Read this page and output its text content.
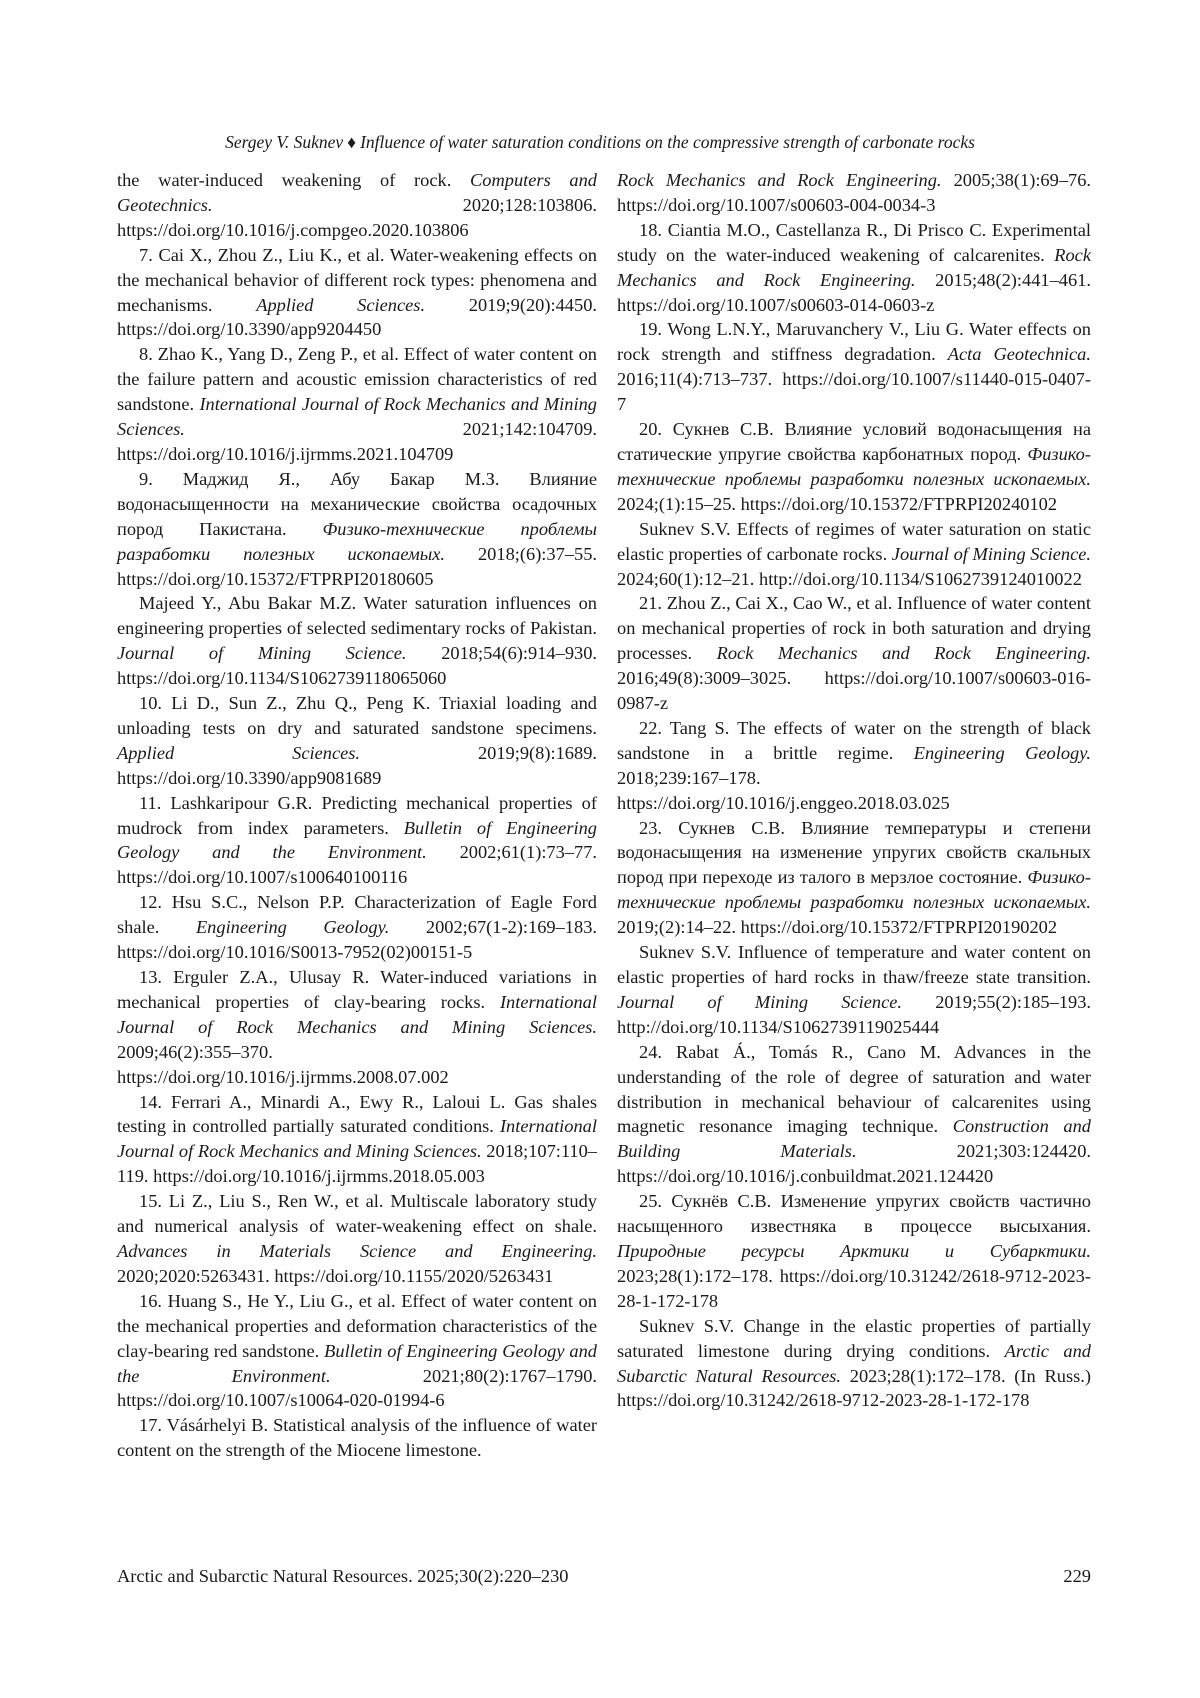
Sergey V. Suknev ♦ Influence of water saturation conditions on the compressive strength of carbonate rocks

the water-induced weakening of rock. Computers and Geotechnics. 2020;128:103806. https://doi.org/10.1016/j.compgeo.2020.103806

7. Cai X., Zhou Z., Liu K., et al. Water-weakening effects on the mechanical behavior of different rock types: phenomena and mechanisms. Applied Sciences. 2019;9(20):4450. https://doi.org/10.3390/app9204450

8. Zhao K., Yang D., Zeng P., et al. Effect of water content on the failure pattern and acoustic emission characteristics of red sandstone. International Journal of Rock Mechanics and Mining Sciences. 2021;142:104709. https://doi.org/10.1016/j.ijrmms.2021.104709

9. Маджид Я., Абу Бакар М.З. Влияние водонасыщенности на механические свойства осадочных пород Пакистана. Физико-технические проблемы разработки полезных ископаемых. 2018;(6):37–55. https://doi.org/10.15372/FTPRPI20180605

Majeed Y., Abu Bakar M.Z. Water saturation influences on engineering properties of selected sedimentary rocks of Pakistan. Journal of Mining Science. 2018;54(6):914–930. https://doi.org/10.1134/S1062739118065060

10. Li D., Sun Z., Zhu Q., Peng K. Triaxial loading and unloading tests on dry and saturated sandstone specimens. Applied Sciences. 2019;9(8):1689. https://doi.org/10.3390/app9081689

11. Lashkaripour G.R. Predicting mechanical properties of mudrock from index parameters. Bulletin of Engineering Geology and the Environment. 2002;61(1):73–77. https://doi.org/10.1007/s100640100116

12. Hsu S.C., Nelson P.P. Characterization of Eagle Ford shale. Engineering Geology. 2002;67(1-2):169–183. https://doi.org/10.1016/S0013-7952(02)00151-5

13. Erguler Z.A., Ulusay R. Water-induced variations in mechanical properties of clay-bearing rocks. International Journal of Rock Mechanics and Mining Sciences. 2009;46(2):355–370. https://doi.org/10.1016/j.ijrmms.2008.07.002

14. Ferrari A., Minardi A., Ewy R., Laloui L. Gas shales testing in controlled partially saturated conditions. International Journal of Rock Mechanics and Mining Sciences. 2018;107:110–119. https://doi.org/10.1016/j.ijrmms.2018.05.003

15. Li Z., Liu S., Ren W., et al. Multiscale laboratory study and numerical analysis of water-weakening effect on shale. Advances in Materials Science and Engineering. 2020;2020:5263431. https://doi.org/10.1155/2020/5263431

16. Huang S., He Y., Liu G., et al. Effect of water content on the mechanical properties and deformation characteristics of the clay-bearing red sandstone. Bulletin of Engineering Geology and the Environment. 2021;80(2):1767–1790. https://doi.org/10.1007/s10064-020-01994-6

17. Vásárhelyi B. Statistical analysis of the influence of water content on the strength of the Miocene limestone.

Rock Mechanics and Rock Engineering. 2005;38(1):69–76. https://doi.org/10.1007/s00603-004-0034-3

18. Ciantia M.O., Castellanza R., Di Prisco C. Experimental study on the water-induced weakening of calcarenites. Rock Mechanics and Rock Engineering. 2015;48(2):441–461. https://doi.org/10.1007/s00603-014-0603-z

19. Wong L.N.Y., Maruvanchery V., Liu G. Water effects on rock strength and stiffness degradation. Acta Geotechnica. 2016;11(4):713–737. https://doi.org/10.1007/s11440-015-0407-7

20. Сукнев С.В. Влияние условий водонасыщения на статические упругие свойства карбонатных пород. Физико-технические проблемы разработки полезных ископаемых. 2024;(1):15–25. https://doi.org/10.15372/FTPRPI20240102

Suknev S.V. Effects of regimes of water saturation on static elastic properties of carbonate rocks. Journal of Mining Science. 2024;60(1):12–21. http://doi.org/10.1134/S1062739124010022

21. Zhou Z., Cai X., Cao W., et al. Influence of water content on mechanical properties of rock in both saturation and drying processes. Rock Mechanics and Rock Engineering. 2016;49(8):3009–3025. https://doi.org/10.1007/s00603-016-0987-z

22. Tang S. The effects of water on the strength of black sandstone in a brittle regime. Engineering Geology. 2018;239:167–178. https://doi.org/10.1016/j.enggeo.2018.03.025

23. Сукнев С.В. Влияние температуры и степени водонасыщения на изменение упругих свойств скальных пород при переходе из талого в мерзлое состояние. Физико-технические проблемы разработки полезных ископаемых. 2019;(2):14–22. https://doi.org/10.15372/FTPRPI20190202

Suknev S.V. Influence of temperature and water content on elastic properties of hard rocks in thaw/freeze state transition. Journal of Mining Science. 2019;55(2):185–193. http://doi.org/10.1134/S1062739119025444

24. Rabat Á., Tomás R., Cano M. Advances in the understanding of the role of degree of saturation and water distribution in mechanical behaviour of calcarenites using magnetic resonance imaging technique. Construction and Building Materials. 2021;303:124420. https://doi.org/10.1016/j.conbuildmat.2021.124420

25. Сукнёв С.В. Изменение упругих свойств частично насыщенного известняка в процессе высыхания. Природные ресурсы Арктики и Субарктики. 2023;28(1):172–178. https://doi.org/10.31242/2618-9712-2023-28-1-172-178

Suknev S.V. Change in the elastic properties of partially saturated limestone during drying conditions. Arctic and Subarctic Natural Resources. 2023;28(1):172–178. (In Russ.) https://doi.org/10.31242/2618-9712-2023-28-1-172-178

Arctic and Subarctic Natural Resources. 2025;30(2):220–230	229
